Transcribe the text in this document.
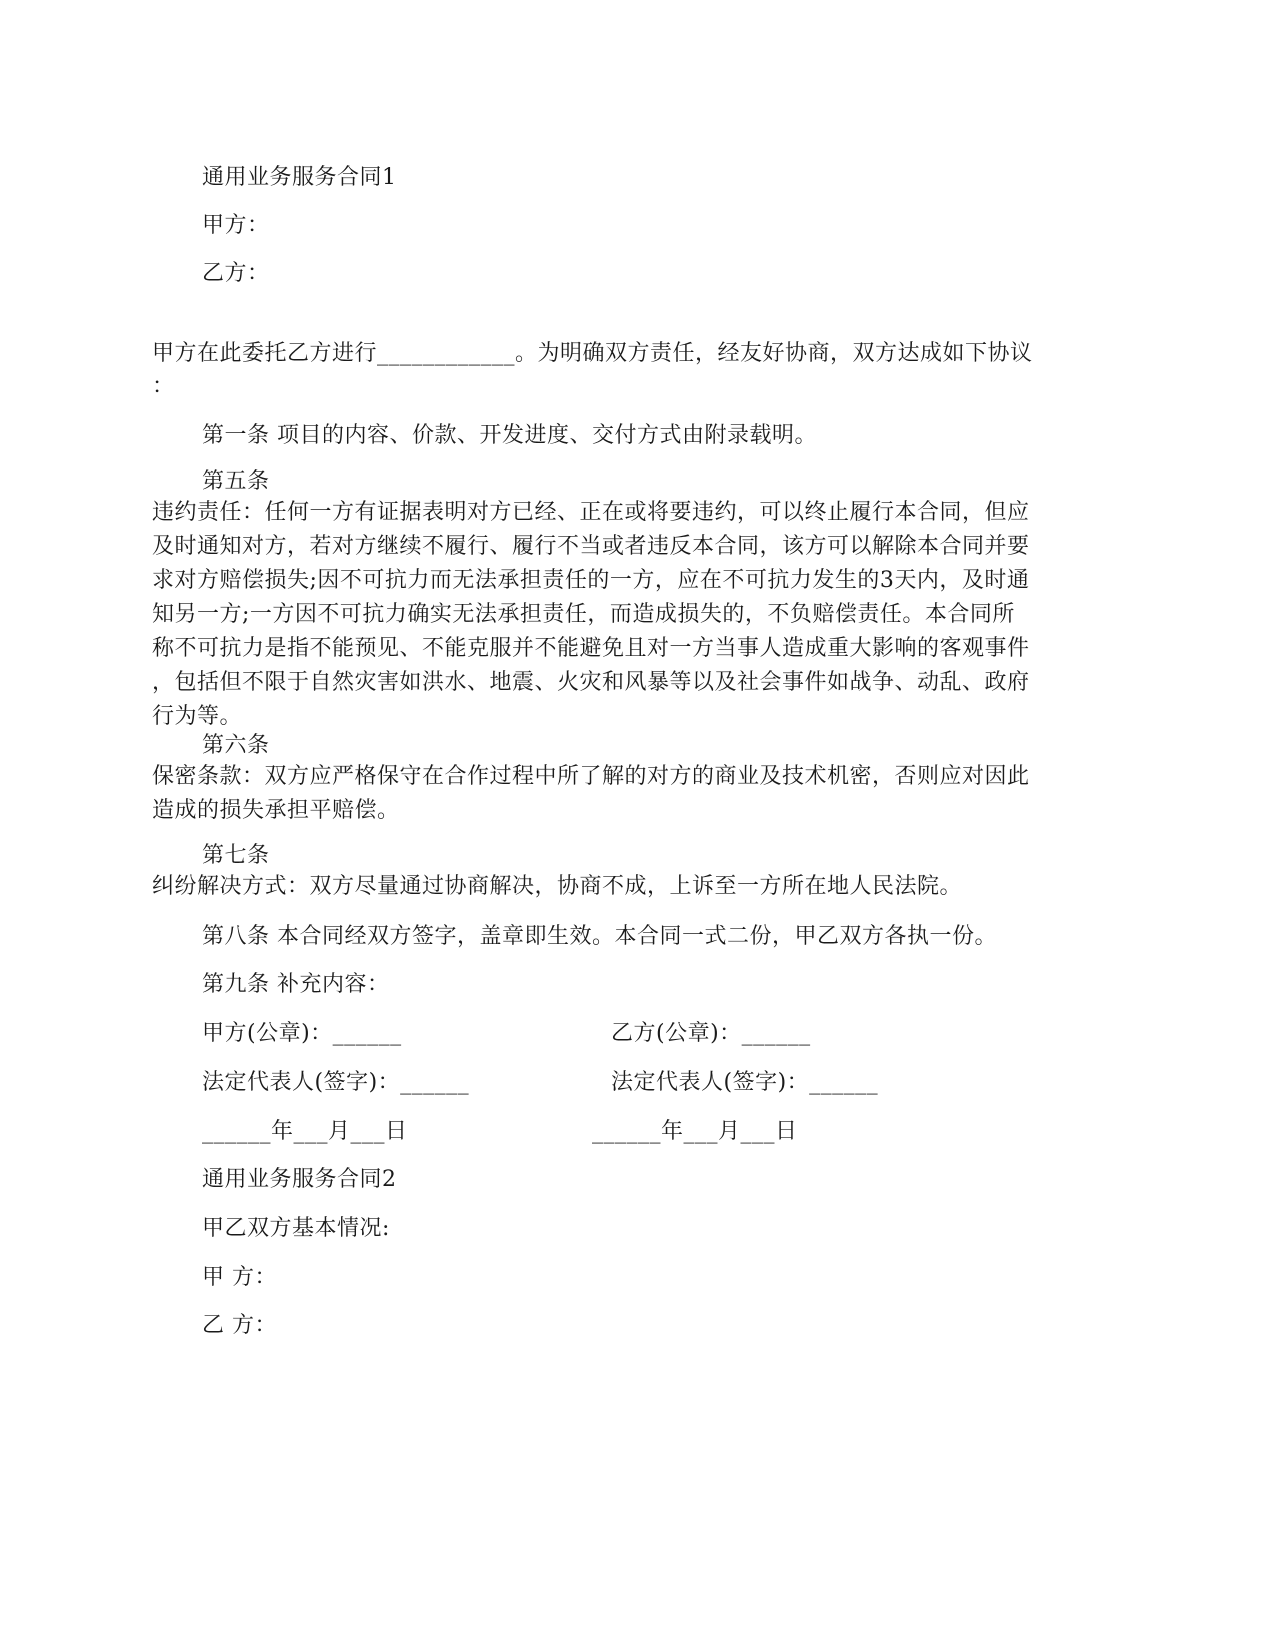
通用业务服务合同1
甲方：
乙方：
甲方在此委托乙方进行____________。为明确双方责任，经友好协商，双方达成如下协议
：
第一条 项目的内容、价款、开发进度、交付方式由附录载明。
第五条
违约责任：任何一方有证据表明对方已经、正在或将要违约，可以终止履行本合同，但应
及时通知对方，若对方继续不履行、履行不当或者违反本合同，该方可以解除本合同并要
求对方赔偿损失;因不可抗力而无法承担责任的一方，应在不可抗力发生的3天内，及时通
知另一方;一方因不可抗力确实无法承担责任，而造成损失的，不负赔偿责任。本合同所
称不可抗力是指不能预见、不能克服并不能避免且对一方当事人造成重大影响的客观事件
，包括但不限于自然灾害如洪水、地震、火灾和风暴等以及社会事件如战争、动乱、政府
行为等。
第六条
保密条款：双方应严格保守在合作过程中所了解的对方的商业及技术机密，否则应对因此
造成的损失承担平赔偿。
第七条
纠纷解决方式：双方尽量通过协商解决，协商不成，上诉至一方所在地人民法院。
第八条 本合同经双方签字，盖章即生效。本合同一式二份，甲乙双方各执一份。
第九条 补充内容：
甲方(公章)：______	乙方(公章)：______
法定代表人(签字)：______	法定代表人(签字)：______
______年___月___日	______年___月___日
通用业务服务合同2
甲乙双方基本情况:
甲 方：
乙 方：
